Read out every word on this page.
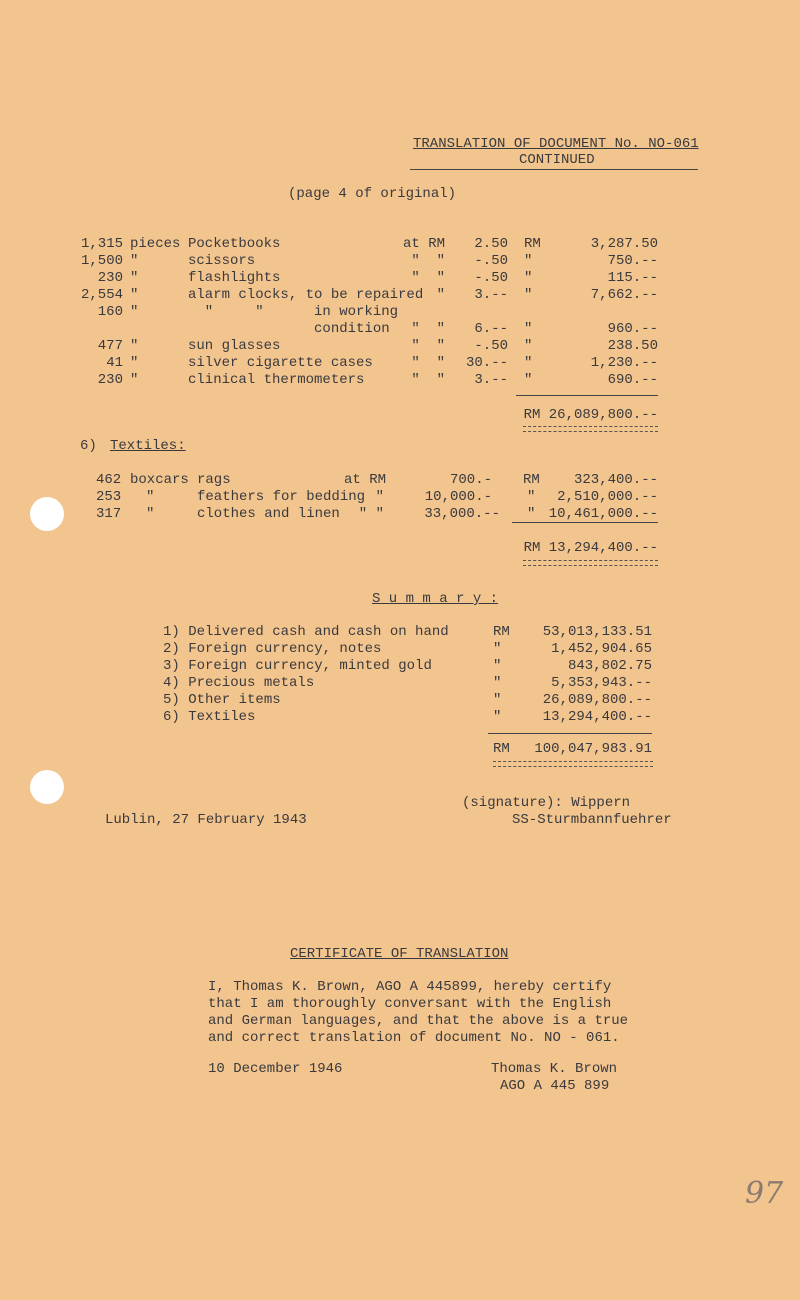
TRANSLATION OF DOCUMENT No. NO-061
CONTINUED
(page 4 of original)
1,315 pieces Pocketbooks	at RM	2.50 RM	3,287.50
1,500 "	scissors	"  "	-.50 "	750.--
230 "	flashlights	"  "	-.50 "	115.--
2,554 "	alarm clocks, to be repaired "	3.-- "	7,662.--
160 "	"     "      in working
condition	"  "	6.-- "	960.--
477 "	sun glasses	"  "	-.50 "	238.50
41 "	silver cigarette cases	"  "	30.-- "	1,230.--
230 "	clinical thermometers	"  "	3.-- "	690.--
RM 26,089,800.--
6) Textiles:
462 boxcars rags	at RM	700.- RM	323,400.--
253 "	feathers for bedding "	10,000.-	"	2,510,000.--
317 "	clothes and linen	" "	33,000.-- " 10,461,000.--
RM 13,294,400.--
S u m m a r y :
1) Delivered cash and cash on hand	RM	53,013,133.51
2) Foreign currency, notes	"	1,452,904.65
3) Foreign currency, minted gold	"	843,802.75
4) Precious metals	"	5,353,943.--
5) Other items	"	26,089,800.--
6) Textiles	"	13,294,400.--
RM	100,047,983.91
Lublin, 27 February 1943
(signature): Wippern
SS-Sturmbannfuehrer
CERTIFICATE OF TRANSLATION
I, Thomas K. Brown, AGO A 445899, hereby certify
that I am thoroughly conversant with the English
and German languages, and that the above is a true
and correct translation of document No. NO - 061.
10 December 1946	Thomas K. Brown
AGO A 445 899
97
